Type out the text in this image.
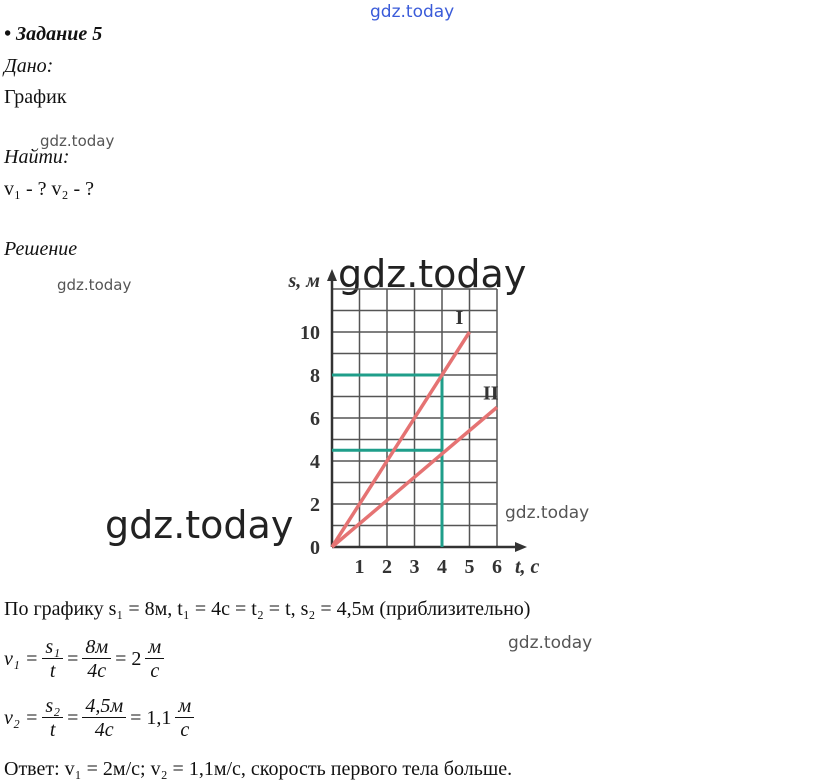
gdz.today
gdz.today
gdz.today	gdz.today
gdz.today	gdz.today
gdz.today
• Задание 5
Дано:
График
Найти:
v₁ - ? v₂ - ?
Решение
1 2 3 4 5 6
0
2
4
6
8
10
s, м
t, с
I
II
По графику s₁ = 8м, t₁ = 4с = t₂ = t, s₂ = 4,5м (приблизительно)
$v_1 = \frac{\text{s₁}}{t} = \frac{8м}{4с} = 2 \frac{м}{с}$
$v_2 = \frac{\text{s₂}}{t} = \frac{4,5м}{4с} = 1,1 \frac{м}{с}$
Ответ: v₁ = 2м/с; v₂ = 1,1м/с, скорость первого тела больше.
